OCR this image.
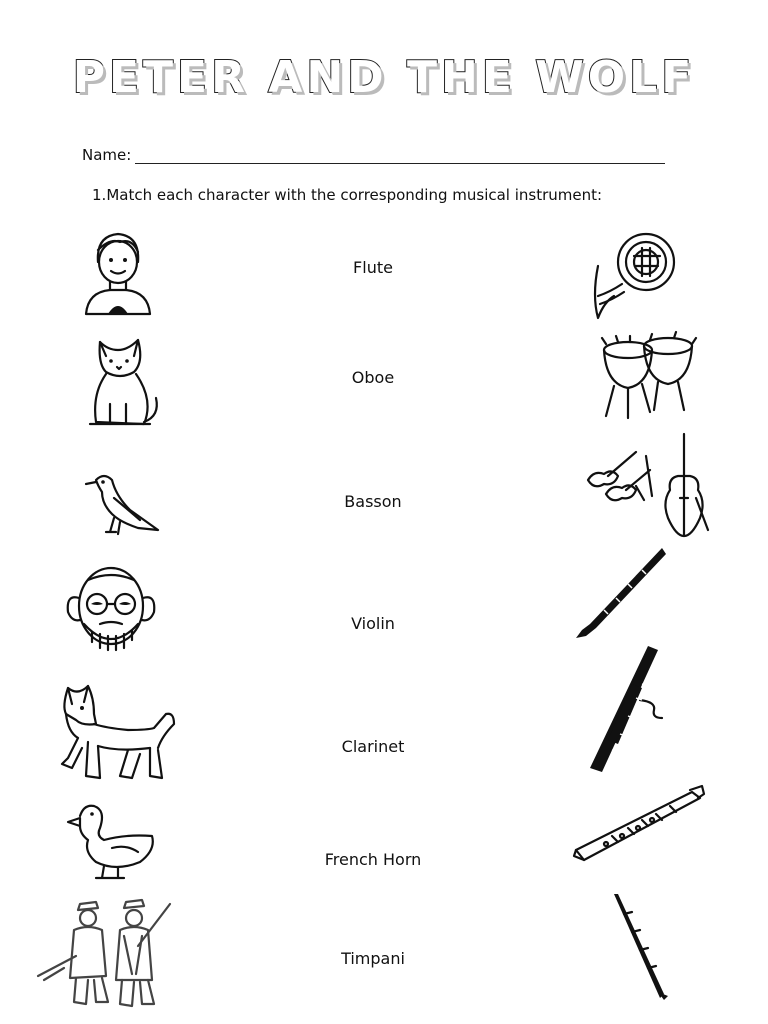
PETER AND THE WOLF
Name:
1.Match each character with the corresponding musical instrument:
Flute
Oboe
Basson
Violin
Clarinet
French Horn
Timpani
